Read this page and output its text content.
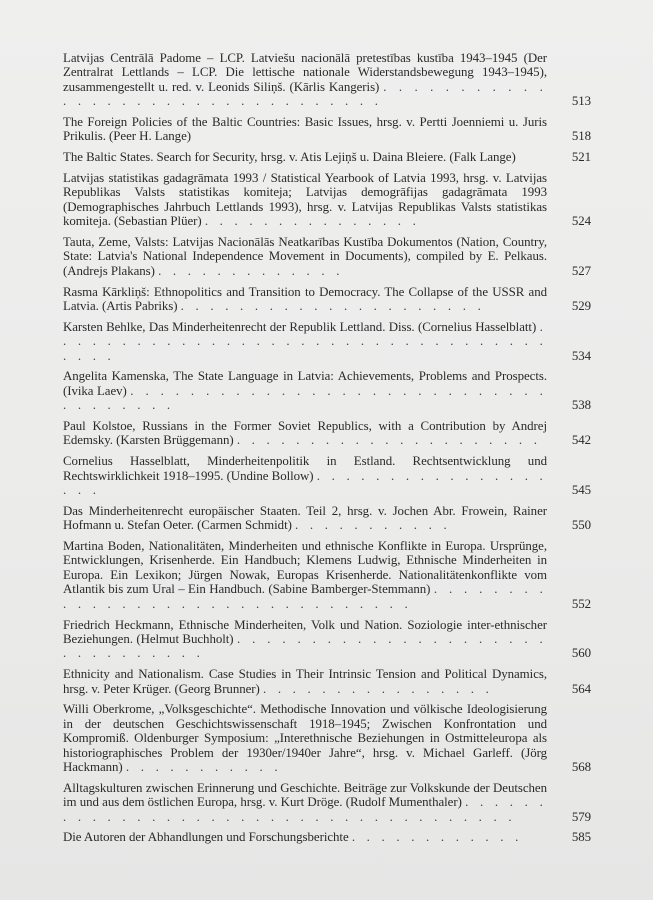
Latvijas Centrālā Padome – LCP. Latviešu nacionālā pretestības kustība 1943–1945 (Der Zentralrat Lettlands – LCP. Die lettische nationale Widerstandsbewegung 1943–1945), zusammengestellt u. red. v. Leonids Siliņš. (Kārlis Kangeris) . . . . . . . . . . . . . . . . . . . . . . . . . . . . . . . . .	513
The Foreign Policies of the Baltic Countries: Basic Issues, hrsg. v. Pertti Joenniemi u. Juris Prikulis. (Peer H. Lange)	518
The Baltic States. Search for Security, hrsg. v. Atis Lejiņš u. Daina Bleiere. (Falk Lange)	521
Latvijas statistikas gadagrāmata 1993 / Statistical Yearbook of Latvia 1993, hrsg. v. Latvijas Republikas Valsts statistikas komiteja; Latvijas demogrāfijas gadagrāmata 1993 (Demographisches Jahrbuch Lettlands 1993), hrsg. v. Latvijas Republikas Valsts statistikas komiteja. (Sebastian Plüer) . . . . . . . . . . . . . . .	524
Tauta, Zeme, Valsts: Latvijas Nacionālās Neatkarības Kustība Dokumentos (Nation, Country, State: Latvia's National Independence Movement in Documents), compiled by E. Pelkaus. (Andrejs Plakans) . . . . . . . . . . . . .	527
Rasma Kārkliņš: Ethnopolitics and Transition to Democracy. The Collapse of the USSR and Latvia. (Artis Pabriks) . . . . . . . . . . . . . . . . . . . . .	529
Karsten Behlke, Das Minderheitenrecht der Republik Lettland. Diss. (Cornelius Hasselblatt) . . . . . . . . . . . . . . . . . . . . . . . . . . . . . . . . . . . . . .	534
Angelita Kamenska, The State Language in Latvia: Achievements, Problems and Prospects. (Ivika Laev) . . . . . . . . . . . . . . . . . . . . . . . . . . . . . . . . . . . .	538
Paul Kolstoe, Russians in the Former Soviet Republics, with a Contribution by Andrej Edemsky. (Karsten Brüggemann) . . . . . . . . . . . . . . . . . . . . .	542
Cornelius Hasselblatt, Minderheitenpolitik in Estland. Rechtsentwicklung und Rechtswirklichkeit 1918–1995. (Undine Bollow) . . . . . . . . . . . . . . . . . . .	545
Das Minderheitenrecht europäischer Staaten. Teil 2, hrsg. v. Jochen Abr. Frowein, Rainer Hofmann u. Stefan Oeter. (Carmen Schmidt) . . . . . . . . . . .	550
Martina Boden, Nationalitäten, Minderheiten und ethnische Konflikte in Europa. Ursprünge, Entwicklungen, Krisenherde. Ein Handbuch; Klemens Ludwig, Ethnische Minderheiten in Europa. Ein Lexikon; Jürgen Nowak, Europas Krisenherde. Nationalitätenkonflikte vom Atlantik bis zum Ural – Ein Handbuch. (Sabine Bamberger-Stemmann) . . . . . . . . . . . . . . . . . . . . . . . . . . . . . . . .	552
Friedrich Heckmann, Ethnische Minderheiten, Volk und Nation. Soziologie inter-ethnischer Beziehungen. (Helmut Buchholt) . . . . . . . . . . . . . . . . . . . . . . . . . . . . . . .	560
Ethnicity and Nationalism. Case Studies in Their Intrinsic Tension and Political Dynamics, hrsg. v. Peter Krüger. (Georg Brunner) . . . . . . . . . . . . . . . .	564
Willi Oberkrome, „Volksgeschichte“. Methodische Innovation und völkische Ideologisierung in der deutschen Geschichtswissenschaft 1918–1945; Zwischen Konfrontation und Kompromiß. Oldenburger Symposium: „Interethnische Beziehungen in Ostmitteleuropa als historiographisches Problem der 1930er/1940er Jahre“, hrsg. v. Michael Garleff. (Jörg Hackmann) . . . . . . . . . . .	568
Alltagskulturen zwischen Erinnerung und Geschichte. Beiträge zur Volkskunde der Deutschen im und aus dem östlichen Europa, hrsg. v. Kurt Dröge. (Rudolf Mumenthaler) . . . . . . . . . . . . . . . . . . . . . . . . . . . . . . . . . . . . .	579
Die Autoren der Abhandlungen und Forschungsberichte . . . . . . . . . . . .	585
